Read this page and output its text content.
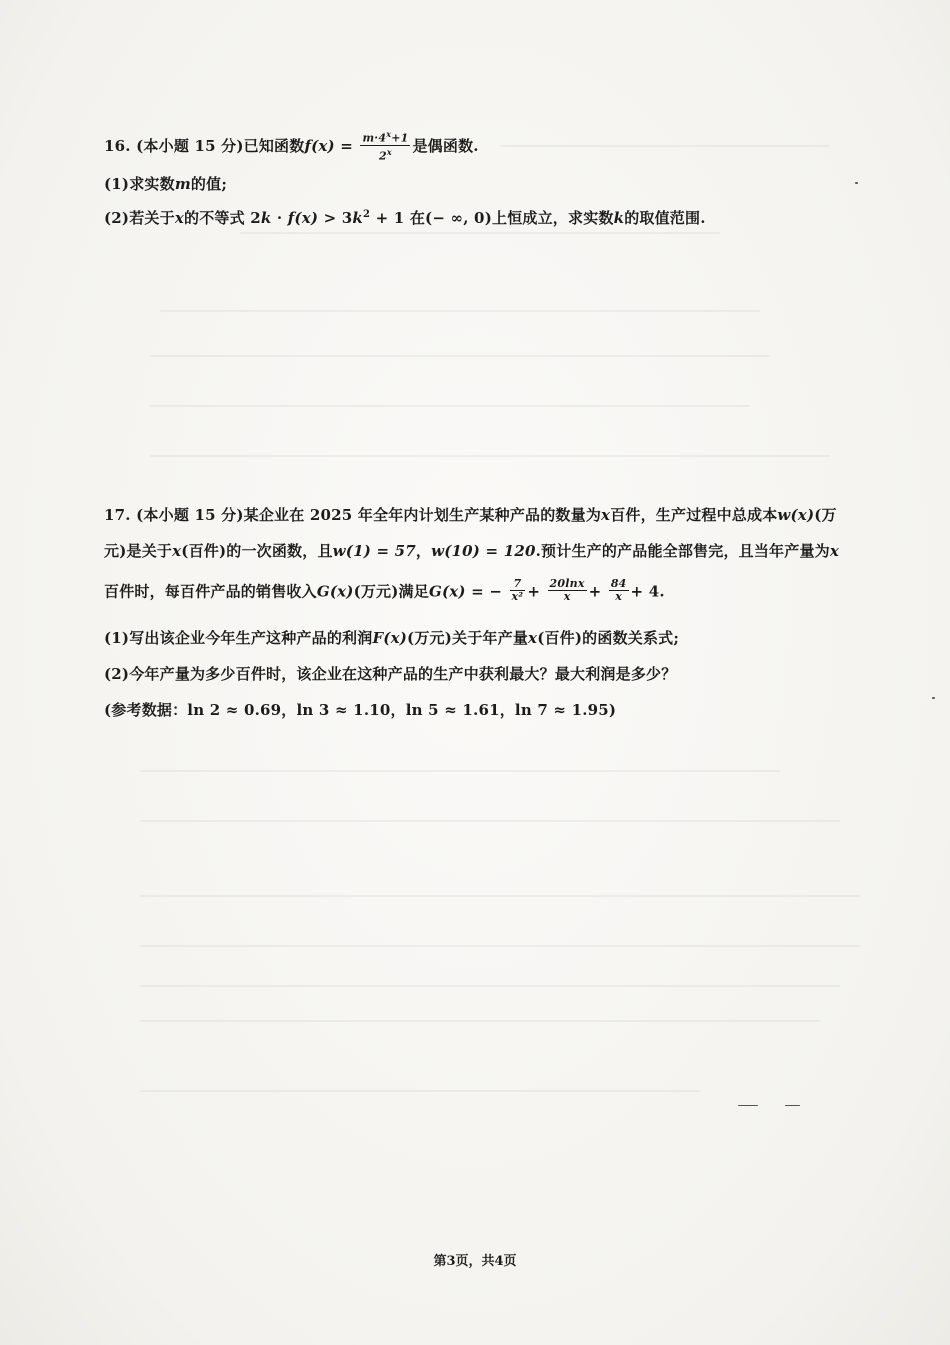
16. (本小题 15 分)已知函数$f(x) = \frac{m\cdot 4^x+1}{2^x}$ 是偶函数.
(1)求实数m的值;
(2)若关于x的不等式 $2k \cdot f(x) > 3k^2 + 1$ 在(− ∞, 0)上恒成立，求实数k的取值范围.
17. (本小题 15 分)某企业在 2025 年全年内计划生产某种产品的数量为x百件，生产过程中总成本w(x)(万
元)是关于x(百件)的一次函数，且w(1) = 57，w(10) = 120.预计生产的产品能全部售完，且当年产量为x
百件时，每百件产品的销售收入G(x)(万元)满足G(x) = − $\frac{7}{\text{x²}} + \frac{20\ln x}{x} + \frac{84}{x} + 4$.
(1)写出该企业今年生产这种产品的利润F(x)(万元)关于年产量x(百件)的函数关系式;
(2)今年产量为多少百件时，该企业在这种产品的生产中获利最大？最大利润是多少？
(参考数据：ln 2 ≈ 0.69，ln 3 ≈ 1.10，ln 5 ≈ 1.61，ln 7 ≈ 1.95)
第3页，共4页
